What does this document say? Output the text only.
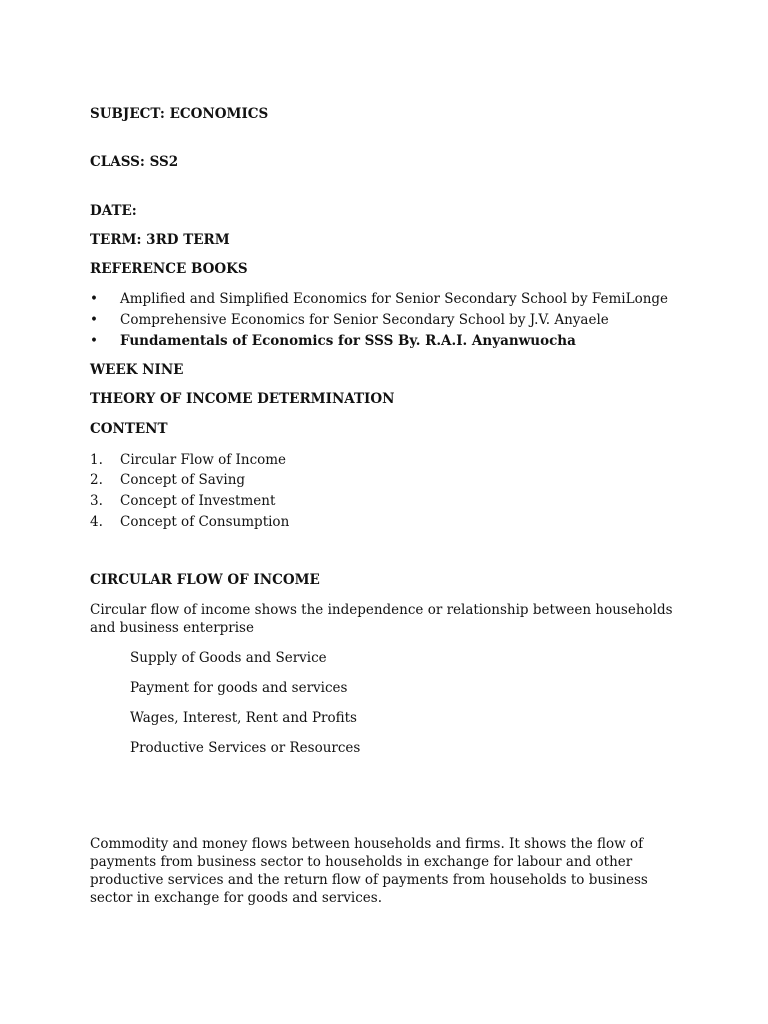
SUBJECT: ECONOMICS
CLASS: SS2
DATE:
TERM: 3RD TERM
REFERENCE BOOKS
• Amplified and Simplified Economics for Senior Secondary School by FemiLonge
• Comprehensive Economics for Senior Secondary School by J.V. Anyaele
• Fundamentals of Economics for SSS By. R.A.I. Anyanwuocha
WEEK NINE
THEORY OF INCOME DETERMINATION
CONTENT
1. Circular Flow of Income
2. Concept of Saving
3. Concept of Investment
4. Concept of Consumption
CIRCULAR FLOW OF INCOME
Circular flow of income shows the independence or relationship between households and business enterprise
Supply of Goods and Service
Payment for goods and services
Wages, Interest, Rent and Profits
Productive Services or Resources
Commodity and money flows between households and firms. It shows the flow of payments from business sector to households in exchange for labour and other productive services and the return flow of payments from households to business sector in exchange for goods and services.
